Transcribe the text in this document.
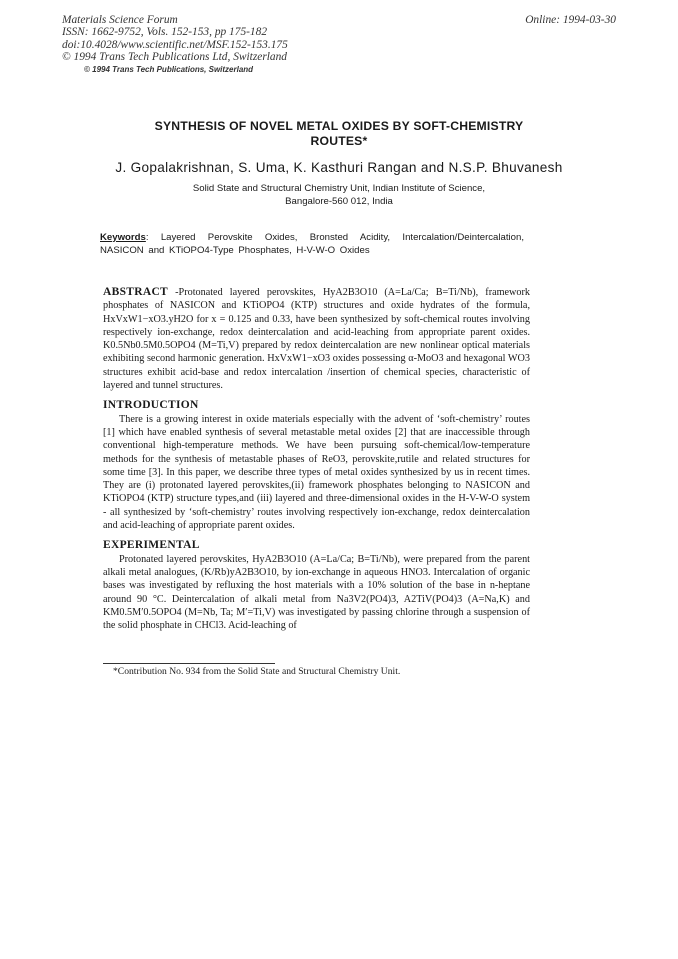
Materials Science Forum
ISSN: 1662-9752, Vols. 152-153, pp 175-182
doi:10.4028/www.scientific.net/MSF.152-153.175
© 1994 Trans Tech Publications Ltd, Switzerland
© 1994 Trans Tech Publications, Switzerland
Online: 1994-03-30
SYNTHESIS OF NOVEL METAL OXIDES BY SOFT-CHEMISTRY
ROUTES*
J. Gopalakrishnan, S. Uma, K. Kasthuri Rangan and N.S.P. Bhuvanesh
Solid State and Structural Chemistry Unit, Indian Institute of Science,
Bangalore-560 012, India
Keywords: Layered Perovskite Oxides, Bronsted Acidity, Intercalation/Deintercalation, NASICON and KTiOPO4-Type Phosphates, H-V-W-O Oxides

ABSTRACT -Protonated layered perovskites, HyA2B3O10 (A=La/Ca; B=Ti/Nb), framework phosphates of NASICON and KTiOPO4 (KTP) structures and oxide hydrates of the formula, HxVxW1−xO3.yH2O for x = 0.125 and 0.33, have been synthesized by soft-chemical routes involving respectively ion-exchange, redox deintercalation and acid-leaching from appropriate parent oxides. K0.5Nb0.5M0.5OPO4 (M=Ti,V) prepared by redox deintercalation are new nonlinear optical materials exhibiting second harmonic generation. HxVxW1−xO3 oxides possessing α-MoO3 and hexagonal WO3 structures exhibit acid-base and redox intercalation /insertion of chemical species, characteristic of layered and tunnel structures.

INTRODUCTION

There is a growing interest in oxide materials especially with the advent of ‘soft-chemistry’ routes [1] which have enabled synthesis of several metastable metal oxides [2] that are inaccessible through conventional high-temperature methods. We have been pursuing soft-chemical/low-temperature methods for the synthesis of metastable phases of ReO3, perovskite,rutile and related structures for some time [3]. In this paper, we describe three types of metal oxides synthesized by us in recent times. They are (i) protonated layered perovskites,(ii) framework phosphates belonging to NASICON and KTiOPO4 (KTP) structure types,and (iii) layered and three-dimensional oxides in the H-V-W-O system - all synthesized by ‘soft-chemistry’ routes involving respectively ion-exchange, redox deintercalation and acid-leaching of appropriate parent oxides.

EXPERIMENTAL

Protonated layered perovskites, HyA2B3O10 (A=La/Ca; B=Ti/Nb), were prepared from the parent alkali metal analogues, (K/Rb)yA2B3O10, by ion-exchange in aqueous HNO3. Intercalation of organic bases was investigated by refluxing the host materials with a 10% solution of the base in n-heptane around 90 °C. Deintercalation of alkali metal from Na3V2(PO4)3, A2TiV(PO4)3 (A=Na,K) and KM0.5M′0.5OPO4 (M=Nb, Ta; M′=Ti,V) was investigated by passing chlorine through a suspension of the solid phosphate in CHCl3. Acid-leaching of

*Contribution No. 934 from the Solid State and Structural Chemistry Unit.
